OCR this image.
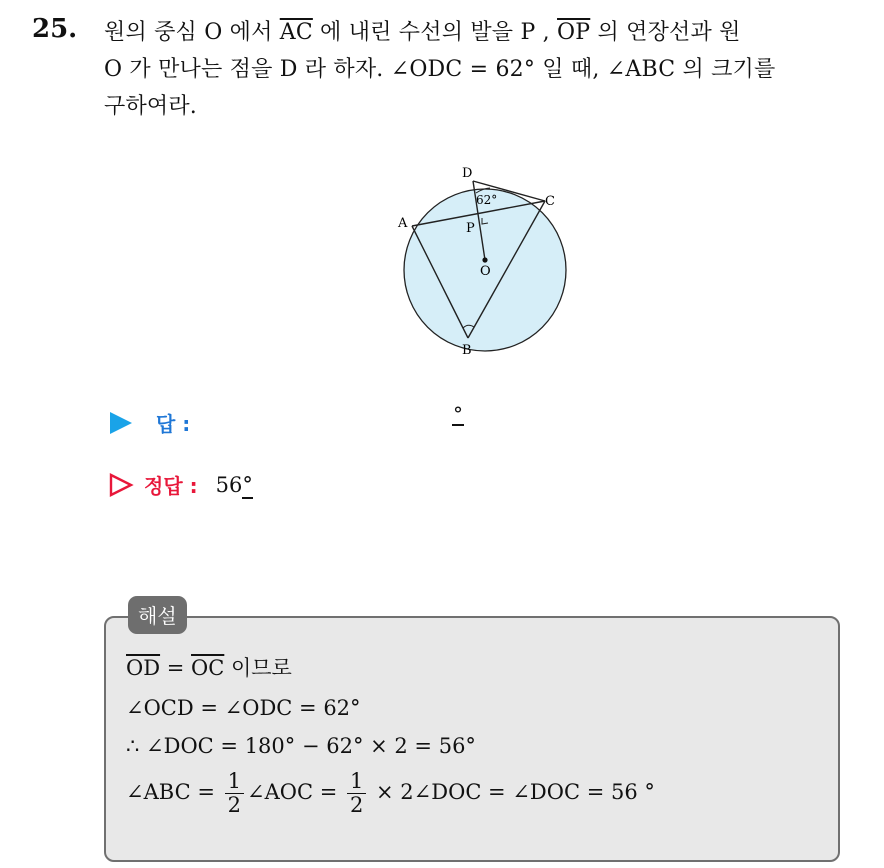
25. 원의 중심 O 에서 $\overline{AC}$ 에 내린 수선의 발을 P , $\overline{OP}$ 의 연장선과 원
O 가 만나는 점을 D 라 하자. ∠ODC = 62° 일 때, ∠ABC 의 크기를
구하여라.
D
C
A	P
O
B
62°
답 :	°
정답 : 56°
해설
$\overline{OD} = \overline{OC}$ 이므로
∠OCD = ∠ODC = 62°
∴ ∠DOC = 180° − 62° × 2 = 56°
∠ABC = $\frac{1}{2}$ ∠AOC = $\frac{1}{2}$ × 2∠DOC = ∠DOC = 56 °
